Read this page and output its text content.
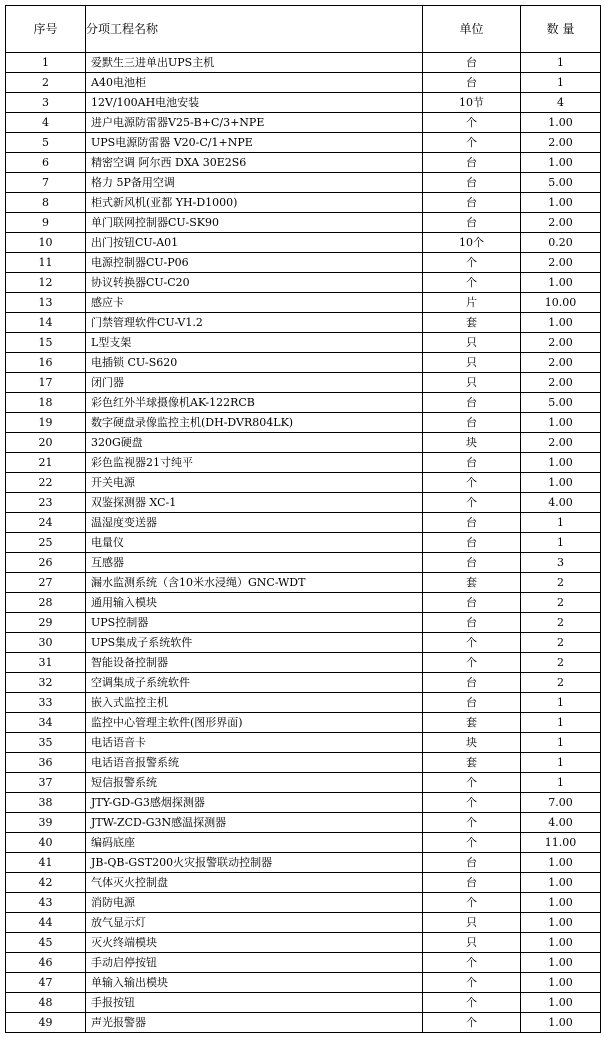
序号	分项工程名称	单位	数 量
1	爱默生三进单出UPS主机	台	1
2	A40电池柜	台	1
3	12V/100AH电池安装	10节	4
4	进户电源防雷器V25-B+C/3+NPE	个	1.00
5	UPS电源防雷器 V20-C/1+NPE	个	2.00
6	精密空调 阿尔西 DXA 30E2S6	台	1.00
7	格力 5P备用空调	台	5.00
8	柜式新风机(亚都 YH-D1000)	台	1.00
9	单门联网控制器CU-SK90	台	2.00
10	出门按钮CU-A01	10个	0.20
11	电源控制器CU-P06	个	2.00
12	协议转换器CU-C20	个	1.00
13	感应卡	片	10.00
14	门禁管理软件CU-V1.2	套	1.00
15	L型支架	只	2.00
16	电插锁 CU-S620	只	2.00
17	闭门器	只	2.00
18	彩色红外半球摄像机AK-122RCB	台	5.00
19	数字硬盘录像监控主机(DH-DVR804LK)	台	1.00
20	320G硬盘	块	2.00
21	彩色监视器21寸纯平	台	1.00
22	开关电源	个	1.00
23	双鉴探测器 XC-1	个	4.00
24	温湿度变送器	台	1
25	电量仪	台	1
26	互感器	台	3
27	漏水监测系统（含10米水浸绳）GNC-WDT	套	2
28	通用输入模块	台	2
29	UPS控制器	台	2
30	UPS集成子系统软件	个	2
31	智能设备控制器	个	2
32	空调集成子系统软件	台	2
33	嵌入式监控主机	台	1
34	监控中心管理主软件(图形界面)	套	1
35	电话语音卡	块	1
36	电话语音报警系统	套	1
37	短信报警系统	个	1
38	JTY-GD-G3感烟探测器	个	7.00
39	JTW-ZCD-G3N感温探测器	个	4.00
40	编码底座	个	11.00
41	JB-QB-GST200火灾报警联动控制器	台	1.00
42	气体灭火控制盘	台	1.00
43	消防电源	个	1.00
44	放气显示灯	只	1.00
45	灭火终端模块	只	1.00
46	手动启停按钮	个	1.00
47	单输入输出模块	个	1.00
48	手报按钮	个	1.00
49	声光报警器	个	1.00
